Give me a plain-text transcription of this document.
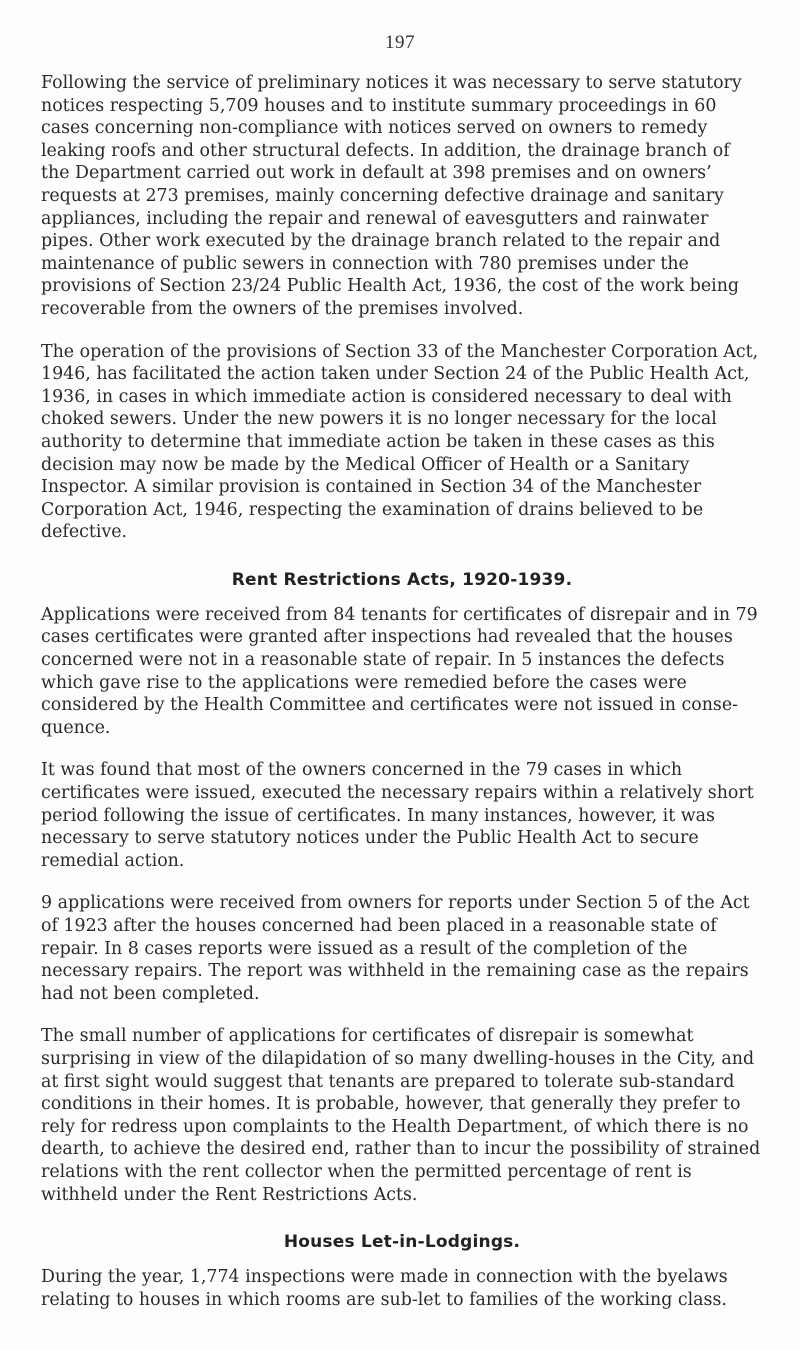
197

Following the service of preliminary notices it was necessary to serve statutory notices respecting 5,709 houses and to institute summary proceedings in 60 cases concerning non-compliance with notices served on owners to remedy leaking roofs and other structural defects. In addition, the drainage branch of the Department carried out work in default at 398 premises and on owners’ requests at 273 premises, mainly concerning defective drainage and sanitary appliances, including the repair and renewal of eavesgutters and rainwater pipes. Other work executed by the drainage branch related to the repair and maintenance of public sewers in connection with 780 premises under the provisions of Section 23/24 Public Health Act, 1936, the cost of the work being recoverable from the owners of the premises involved.

The operation of the provisions of Section 33 of the Manchester Corporation Act, 1946, has facilitated the action taken under Section 24 of the Public Health Act, 1936, in cases in which immediate action is considered necessary to deal with choked sewers. Under the new powers it is no longer necessary for the local authority to determine that immediate action be taken in these cases as this decision may now be made by the Medical Officer of Health or a Sanitary Inspector. A similar provision is contained in Section 34 of the Manchester Corporation Act, 1946, respecting the examination of drains believed to be defective.

Rent Restrictions Acts, 1920-1939.

Applications were received from 84 tenants for certificates of disrepair and in 79 cases certificates were granted after inspections had revealed that the houses concerned were not in a reasonable state of repair. In 5 instances the defects which gave rise to the applications were remedied before the cases were considered by the Health Committee and certificates were not issued in conse-quence.

It was found that most of the owners concerned in the 79 cases in which certificates were issued, executed the necessary repairs within a relatively short period following the issue of certificates. In many instances, however, it was necessary to serve statutory notices under the Public Health Act to secure remedial action.

9 applications were received from owners for reports under Section 5 of the Act of 1923 after the houses concerned had been placed in a reasonable state of repair. In 8 cases reports were issued as a result of the completion of the necessary repairs. The report was withheld in the remaining case as the repairs had not been completed.

The small number of applications for certificates of disrepair is somewhat surprising in view of the dilapidation of so many dwelling-houses in the City, and at first sight would suggest that tenants are prepared to tolerate sub-standard conditions in their homes. It is probable, however, that generally they prefer to rely for redress upon complaints to the Health Department, of which there is no dearth, to achieve the desired end, rather than to incur the possibility of strained relations with the rent collector when the permitted percentage of rent is withheld under the Rent Restrictions Acts.

Houses Let-in-Lodgings.

During the year, 1,774 inspections were made in connection with the byelaws relating to houses in which rooms are sub-let to families of the working class.
